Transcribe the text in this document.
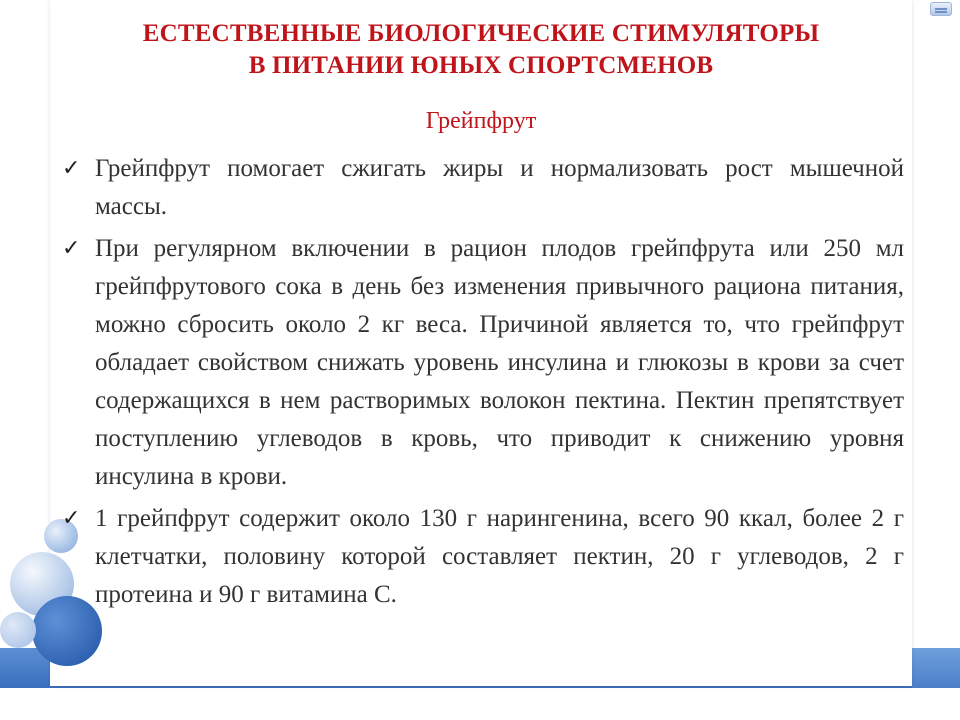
ЕСТЕСТВЕННЫЕ БИОЛОГИЧЕСКИЕ СТИМУЛЯТОРЫ
В ПИТАНИИ ЮНЫХ СПОРТСМЕНОВ
Грейпфрут
✓ Грейпфрут помогает сжигать жиры и нормализовать рост мышечной массы.
✓ При регулярном включении в рацион плодов грейпфрута или 250 мл грейпфрутового сока в день без изменения привычного рациона питания, можно сбросить около 2 кг веса. Причиной является то, что грейпфрут обладает свойством снижать уровень инсулина и глюкозы в крови за счет содержащихся в нем растворимых волокон пектина. Пектин препятствует поступлению углеводов в кровь, что приводит к снижению уровня инсулина в крови.
✓ 1 грейпфрут содержит около 130 г нарингенина, всего 90 ккал, более 2 г клетчатки, половину которой составляет пектин, 20 г углеводов, 2 г протеина и 90 г витамина С.
